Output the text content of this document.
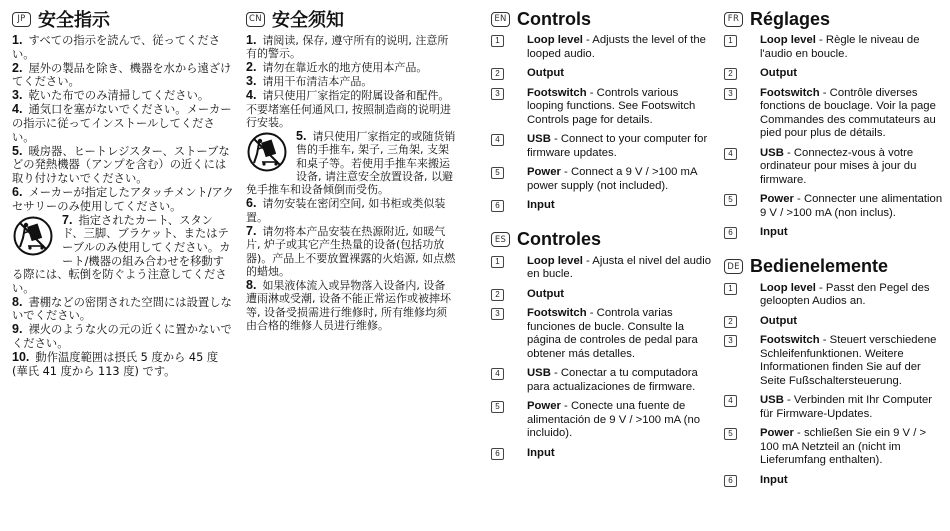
JP 安全指示
1. すべての指示を読んで、従ってください。
2. 屋外の製品を除き、機器を水から遠ざけてください。
3. 乾いた布でのみ清掃してください。
4. 通気口を塞がないでください。メーカーの指示に従ってインストールしてください。
5. 暖房器、ヒートレジスター、ストーブなどの発熱機器（アンプを含む）の近くには取り付けないでください。
6. メーカーが指定したアタッチメント/アクセサリーのみ使用してください。
7. 指定されたカート、スタンド、三脚、ブラケット、またはテーブルのみ使用してください。カート/機器の組み合わせを移動する際には、転倒を防ぐよう注意してください。
8. 書棚などの密閉された空間には設置しないでください。
9. 裸火のような火の元の近くに置かないでください。
10. 動作温度範囲は摂氏 5 度から 45 度 (華氏 41 度から 113 度) です。
CN 安全须知
1. 请阅读, 保存, 遵守所有的说明, 注意所有的警示。
2. 请勿在靠近水的地方使用本产品。
3. 请用干布清洁本产品。
4. 请只使用厂家指定的附属设备和配件。不要堵塞任何通风口, 按照制造商的说明进行安装。
5. 请只使用厂家指定的或随货销售的手推车, 架子, 三角架, 支架和桌子等。若使用手推车来搬运设备, 请注意安全放置设备, 以避免手推车和设备倾倒而受伤。
6. 请勿安装在密闭空间, 如书柜或类似装置。
7. 请勿将本产品安装在热源附近, 如暖气片, 炉子或其它产生热量的设备(包括功放器)。产品上不要放置裸露的火焰源, 如点燃的蜡烛。
8. 如果液体流入或异物落入设备内, 设备遭雨淋或受潮, 设备不能正常运作或被摔坏等, 设备受损需进行维修时, 所有维修均须由合格的维修人员进行维修。
EN Controls
1	Loop level - Adjusts the level of the looped audio.
2	Output
3	Footswitch - Controls various looping functions. See Footswitch Controls page for details.
4	USB - Connect to your computer for firmware updates.
5	Power - Connect a 9 V / >100 mA power supply (not included).
6	Input
ES Controles
1	Loop level - Ajusta el nivel del audio en bucle.
2	Output
3	Footswitch - Controla varias funciones de bucle. Consulte la página de controles de pedal para obtener más detalles.
4	USB - Conectar a tu computadora para actualizaciones de firmware.
5	Power - Conecte una fuente de alimentación de 9 V / >100 mA (no incluido).
6	Input
FR Réglages
1	Loop level - Règle le niveau de l'audio en boucle.
2	Output
3	Footswitch - Contrôle diverses fonctions de bouclage. Voir la page Commandes des commutateurs au pied pour plus de détails.
4	USB - Connectez-vous à votre ordinateur pour mises à jour du firmware.
5	Power - Connecter une alimentation 9 V / >100 mA (non inclus).
6	Input
DE Bedienelemente
1	Loop level - Passt den Pegel des geloopten Audios an.
2	Output
3	Footswitch - Steuert verschiedene Schleifenfunktionen. Weitere Informationen finden Sie auf der Seite Fußschaltersteuerung.
4	USB - Verbinden mit Ihr Computer für Firmware-Updates.
5	Power - schließen Sie ein 9 V / > 100 mA Netzteil an (nicht im Lieferumfang enthalten).
6	Input
